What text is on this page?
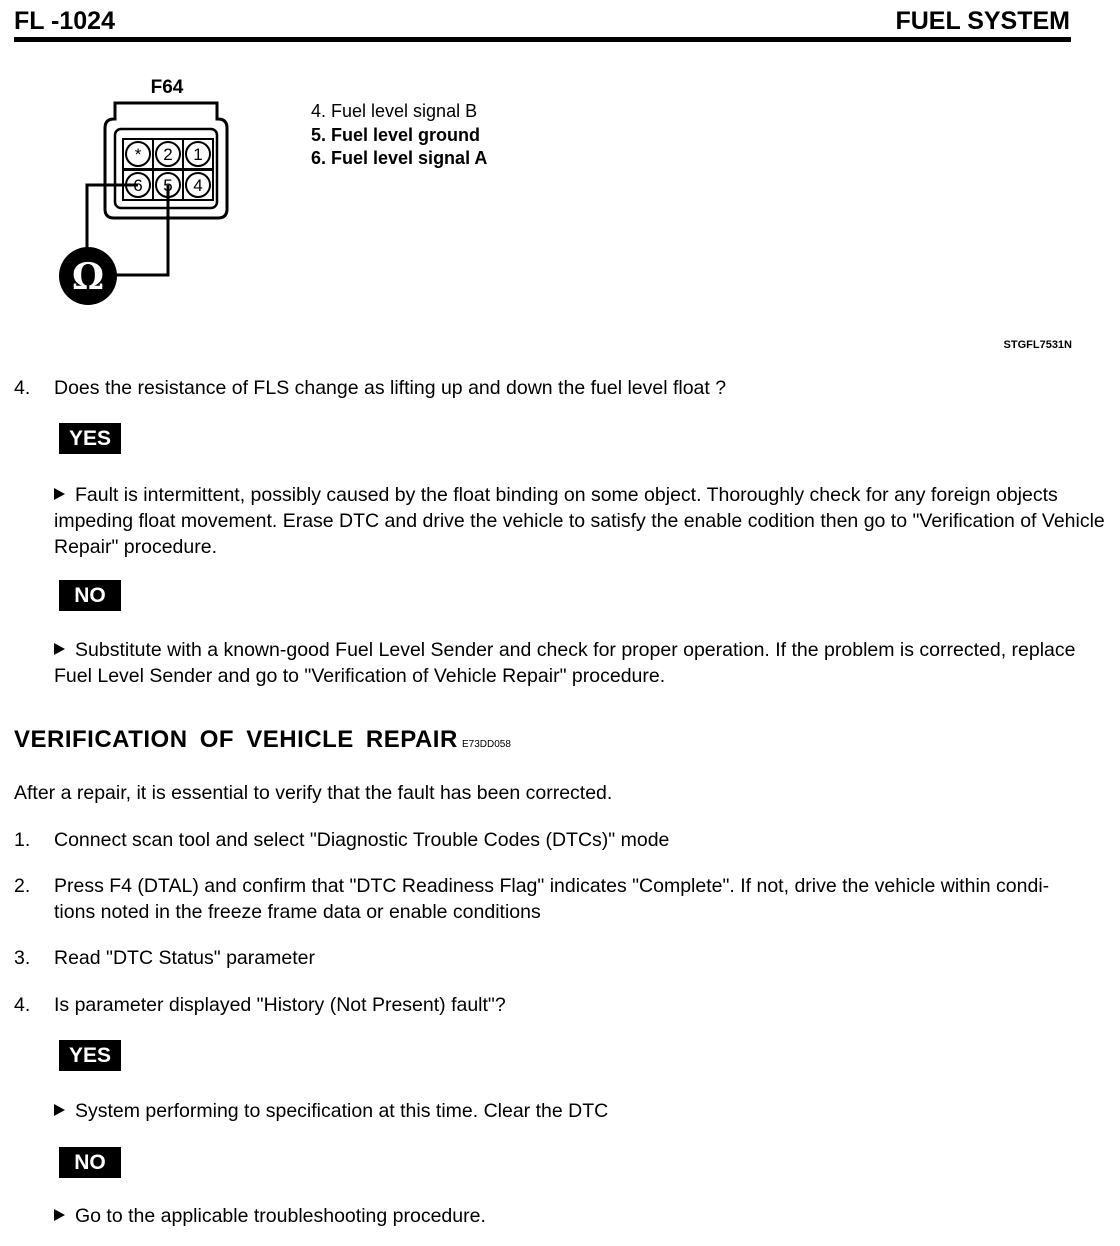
FL -1024	FUEL SYSTEM
F64
* 2 1
6 5 4
Ω
4. Fuel level signal B
5. Fuel level ground
6. Fuel level signal A
STGFL7531N
4. Does the resistance of FLS change as lifting up and down the fuel level float ?
YES
Fault is intermittent, possibly caused by the float binding on some object. Thoroughly check for any foreign objects impeding float movement. Erase DTC and drive the vehicle to satisfy the enable codition then go to "Verification of Vehicle Repair" procedure.
NO
Substitute with a known-good Fuel Level Sender and check for proper operation. If the problem is corrected, replace Fuel Level Sender and go to "Verification of Vehicle Repair" procedure.
VERIFICATION OF VEHICLE REPAIR E73DD058
After a repair, it is essential to verify that the fault has been corrected.
1. Connect scan tool and select "Diagnostic Trouble Codes (DTCs)" mode
2. Press F4 (DTAL) and confirm that "DTC Readiness Flag" indicates "Complete". If not, drive the vehicle within condi-tions noted in the freeze frame data or enable conditions
3. Read "DTC Status" parameter
4. Is parameter displayed "History (Not Present) fault"?
YES
System performing to specification at this time. Clear the DTC
NO
Go to the applicable troubleshooting procedure.
